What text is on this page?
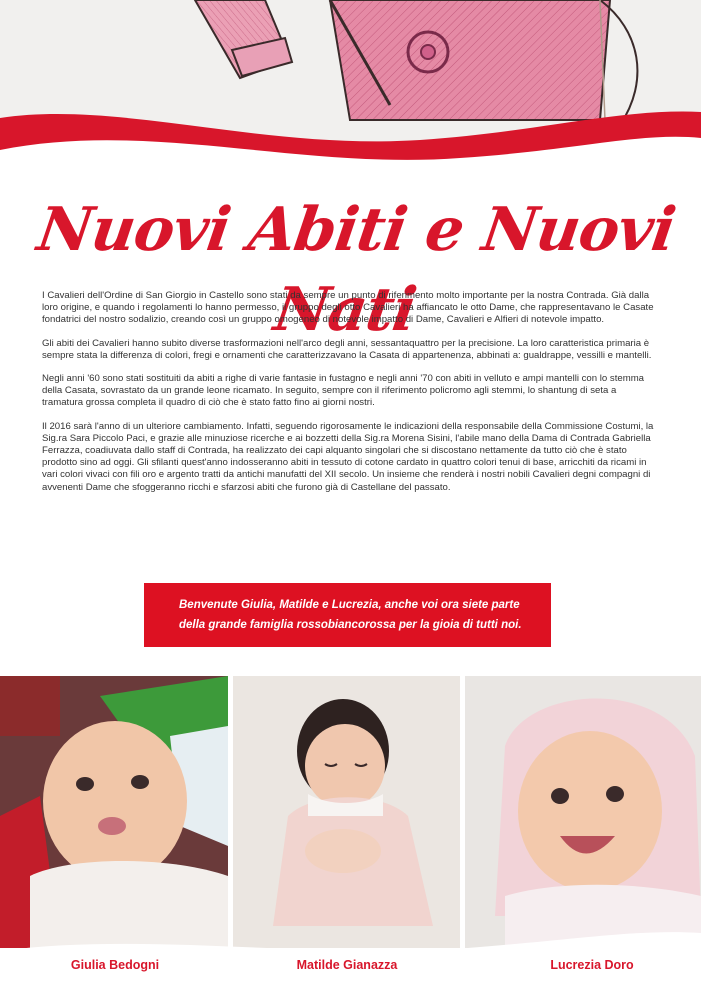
Nuovi Abiti e Nuovi Nati

I Cavalieri dell'Ordine di San Giorgio in Castello sono stati da sempre un punto di riferimento molto importante per la nostra Contrada. Già dalla loro origine, e quando i regolamenti lo hanno permesso, il gruppo degli otto Cavalieri ha affiancato le otto Dame, che rappresentavano le Casate fondatrici del nostro sodalizio, creando così un gruppo omogeneo di notevole impatto di Dame, Cavalieri e Alfieri di notevole impatto.

Gli abiti dei Cavalieri hanno subito diverse trasformazioni nell'arco degli anni, sessantaquattro per la precisione. La loro caratteristica primaria è sempre stata la differenza di colori, fregi e ornamenti che caratterizzavano la Casata di appartenenza, abbinati a: gualdrappe, vessilli e mantelli.

Negli anni '60 sono stati sostituiti da abiti a righe di varie fantasie in fustagno e negli anni '70 con abiti in velluto e ampi mantelli con lo stemma della Casata, sovrastato da un grande leone ricamato. In seguito, sempre con il riferimento policromo agli stemmi, lo shantung di seta a tramatura grossa completa il quadro di ciò che è stato fatto fino ai giorni nostri.

Il 2016 sarà l'anno di un ulteriore cambiamento. Infatti, seguendo rigorosamente le indicazioni della responsabile della Commissione Costumi, la Sig.ra Sara Piccolo Paci, e grazie alle minuziose ricerche e ai bozzetti della Sig.ra Morena Sisini, l'abile mano della Dama di Contrada Gabriella Ferrazza, coadiuvata dallo staff di Contrada, ha realizzato dei capi alquanto singolari che si discostano nettamente da tutto ciò che è stato prodotto sino ad oggi. Gli sfilanti quest'anno indosseranno abiti in tessuto di cotone cardato in quattro colori tenui di base, arricchiti da ricami in vari colori vivaci con fili oro e argento tratti da antichi manufatti del XII secolo. Un insieme che renderà i nostri nobili Cavalieri degni compagni di avvenenti Dame che sfoggeranno ricchi e sfarzosi abiti che furono già di Castellane del passato.

Benvenute Giulia, Matilde e Lucrezia, anche voi ora siete parte
della grande famiglia rossobiancorossa per la gioia di tutti noi.
Giulia Bedogni	Matilde Gianazza	Lucrezia Doro
